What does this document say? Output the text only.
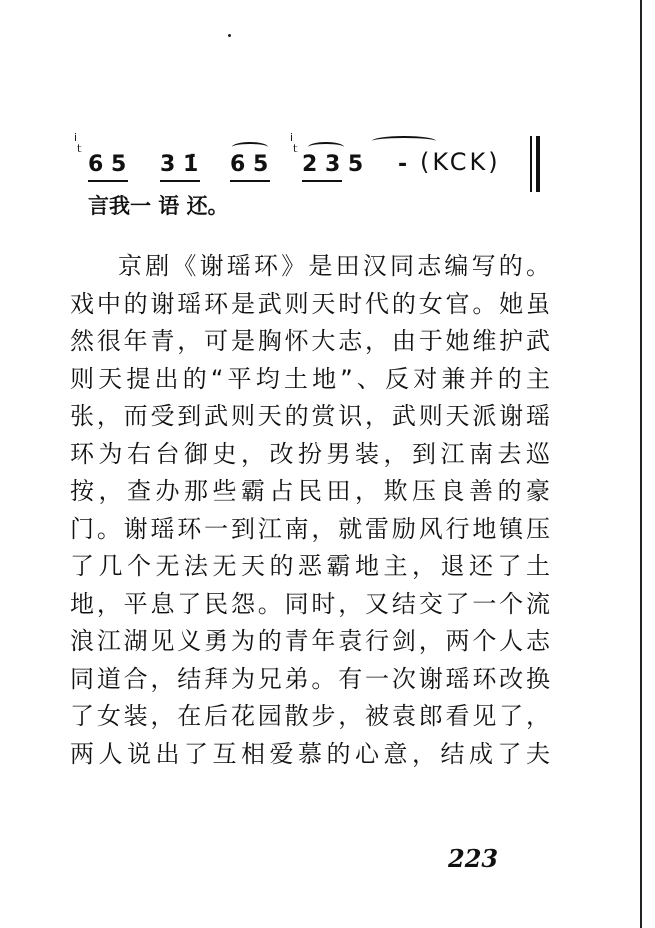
i
ｔ
i
ｔ
6 5 3 1̇ 6 5 2 3 5 - (KCK)
言我一 语 还。
京剧《谢瑶环》是田汉同志编写的。
戏中的谢瑶环是武则天时代的女官。她虽
然很年青，可是胸怀大志，由于她维护武
则天提出的“平均土地”、反对兼并的主
张，而受到武则天的赏识，武则天派谢瑶
环为右台御史，改扮男装，到江南去巡
按，查办那些霸占民田，欺压良善的豪
门。谢瑶环一到江南，就雷励风行地镇压
了几个无法无天的恶霸地主，退还了土
地，平息了民怨。同时，又结交了一个流
浪江湖见义勇为的青年袁行剑，两个人志
同道合，结拜为兄弟。有一次谢瑶环改换
了女装，在后花园散步，被袁郎看见了，
两人说出了互相爱慕的心意，结成了夫
223
